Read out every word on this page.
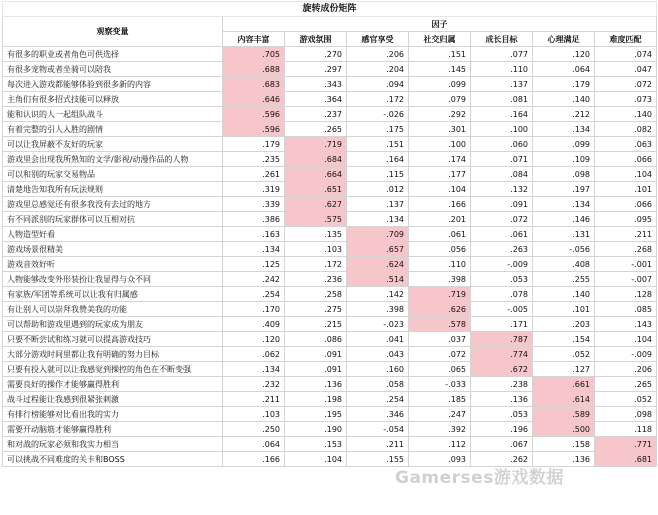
旋转成份矩阵							
观察变量	因子						
	内容丰富	游戏氛围	感官享受	社交归属	成长目标	心理满足	难度匹配
有很多的职业或者角色可供选择	.705	.270	.206	.151	.077	.120	.074
有很多宠物或者坐骑可以陪我	.688	.297	.204	.145	.110	.064	.047
每次进入游戏都能够体验到很多新的内容	.683	.343	.094	.099	.137	.179	.072
主角们有很多招式技能可以释放	.646	.364	.172	.079	.081	.140	.073
能和认识的人一起组队战斗	.596	.237	-.026	.292	.164	.212	.140
有着完整的引人入胜的剧情	.596	.265	.175	.301	.100	.134	.082
可以让我屏蔽不友好的玩家	.179	.719	.151	.100	.060	.099	.063
游戏里会出现我所熟知的文学/影视/动漫作品的人物	.235	.684	.164	.174	.071	.109	.066
可以和别的玩家交易物品	.261	.664	.115	.177	.084	.098	.104
清楚地告知我所有玩法规则	.319	.651	.012	.104	.132	.197	.101
游戏里总感觉还有很多我没有去过的地方	.339	.627	.137	.166	.091	.134	.066
有不同派别的玩家群体可以互相对抗	.386	.575	.134	.201	.072	.146	.095
人物造型好看	.163	.135	.709	.061	.061	.131	.211
游戏场景很精美	.134	.103	.657	.056	.263	-.056	.268
游戏音效好听	.125	.172	.624	.110	-.009	.408	-.001
人物能够改变外形装扮让我显得与众不同	.242	.236	.514	.398	.053	.255	-.007
有家族/军团等系统可以让我有归属感	.254	.258	.142	.719	.078	.140	.128
有让别人可以崇拜我赞美我的功能	.170	.275	.398	.626	-.005	.101	.085
可以帮助和游戏里遇到的玩家成为朋友	.409	.215	-.023	.578	.171	.203	.143
只要不断尝试和练习就可以提高游戏技巧	.120	.086	.041	.037	.787	.154	.104
大部分游戏时间里都让我有明确的努力目标	.062	.091	.043	.072	.774	.052	-.009
只要有投入就可以让我感觉到操控的角色在不断变强	.134	.091	.160	.065	.672	.127	.206
需要良好的操作才能够赢得胜利	.232	.136	.058	-.033	.238	.661	.265
战斗过程能让我感到很紧张刺激	.211	.198	.254	.185	.136	.614	.052
有排行榜能够对比看出我的实力	.103	.195	.346	.247	.053	.589	.098
需要开动脑筋才能够赢得胜利	.250	.190	-.054	.392	.196	.500	.118
和对战的玩家必须和我实力相当	.064	.153	.211	.112	.067	.158	.771
可以挑战不同难度的关卡和BOSS	.166	.104	.155	.093	.262	.136	.681
Gamerses游戏数据
